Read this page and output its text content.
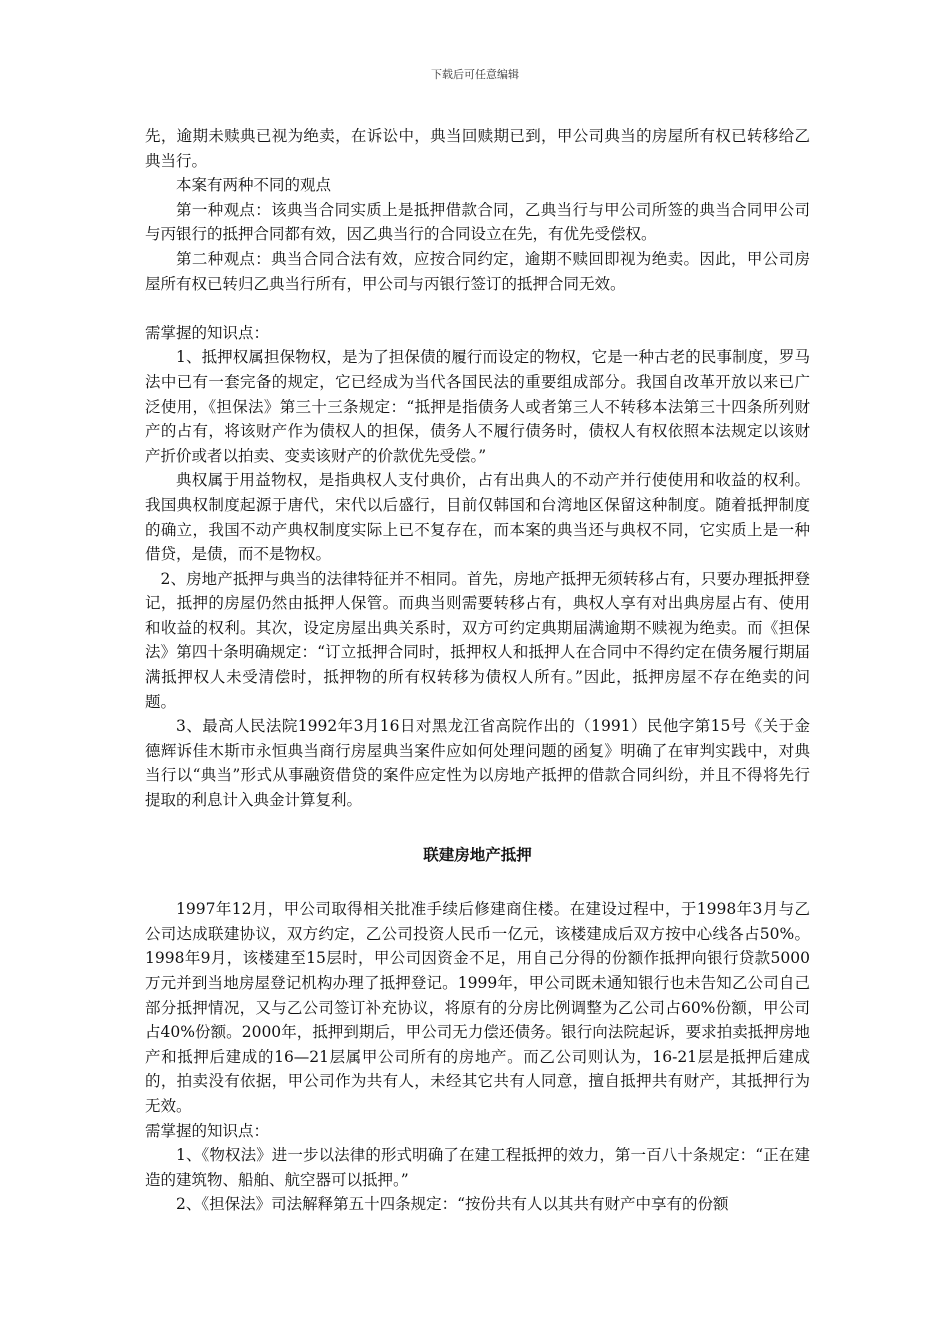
下载后可任意编辑

先，逾期未赎典已视为绝卖，在诉讼中，典当回赎期已到，甲公司典当的房屋所有权已转移给乙典当行。

本案有两种不同的观点

第一种观点：该典当合同实质上是抵押借款合同，乙典当行与甲公司所签的典当合同甲公司与丙银行的抵押合同都有效，因乙典当行的合同设立在先，有优先受偿权。

第二种观点：典当合同合法有效，应按合同约定，逾期不赎回即视为绝卖。因此，甲公司房屋所有权已转归乙典当行所有，甲公司与丙银行签订的抵押合同无效。

需掌握的知识点：

1、抵押权属担保物权，是为了担保债的履行而设定的物权，它是一种古老的民事制度，罗马法中已有一套完备的规定，它已经成为当代各国民法的重要组成部分。我国自改革开放以来已广泛使用，《担保法》第三十三条规定：“抵押是指债务人或者第三人不转移本法第三十四条所列财产的占有，将该财产作为债权人的担保，债务人不履行债务时，债权人有权依照本法规定以该财产折价或者以拍卖、变卖该财产的价款优先受偿。”

典权属于用益物权，是指典权人支付典价，占有出典人的不动产并行使使用和收益的权利。我国典权制度起源于唐代，宋代以后盛行，目前仅韩国和台湾地区保留这种制度。随着抵押制度的确立，我国不动产典权制度实际上已不复存在，而本案的典当还与典权不同，它实质上是一种借贷，是债，而不是物权。

2、房地产抵押与典当的法律特征并不相同。首先，房地产抵押无须转移占有，只要办理抵押登记，抵押的房屋仍然由抵押人保管。而典当则需要转移占有，典权人享有对出典房屋占有、使用和收益的权利。其次，设定房屋出典关系时，双方可约定典期届满逾期不赎视为绝卖。而《担保法》第四十条明确规定：“订立抵押合同时，抵押权人和抵押人在合同中不得约定在债务履行期届满抵押权人未受清偿时，抵押物的所有权转移为债权人所有。”因此，抵押房屋不存在绝卖的问题。

3、最高人民法院1992年3月16日对黑龙江省高院作出的（1991）民他字第15号《关于金德辉诉佳木斯市永恒典当商行房屋典当案件应如何处理问题的函复》明确了在审判实践中，对典当行以“典当”形式从事融资借贷的案件应定性为以房地产抵押的借款合同纠纷，并且不得将先行提取的利息计入典金计算复利。

联建房地产抵押

1997年12月，甲公司取得相关批准手续后修建商住楼。在建设过程中，于1998年3月与乙公司达成联建协议，双方约定，乙公司投资人民币一亿元，该楼建成后双方按中心线各占50%。1998年9月，该楼建至15层时，甲公司因资金不足，用自己分得的份额作抵押向银行贷款5000万元并到当地房屋登记机构办理了抵押登记。1999年，甲公司既未通知银行也未告知乙公司自己部分抵押情况，又与乙公司签订补充协议，将原有的分房比例调整为乙公司占60%份额，甲公司占40%份额。2000年，抵押到期后，甲公司无力偿还债务。银行向法院起诉，要求拍卖抵押房地产和抵押后建成的16—21层属甲公司所有的房地产。而乙公司则认为，16-21层是抵押后建成的，拍卖没有依据，甲公司作为共有人，未经其它共有人同意，擅自抵押共有财产，其抵押行为无效。

需掌握的知识点：

1、《物权法》进一步以法律的形式明确了在建工程抵押的效力，第一百八十条规定：“正在建造的建筑物、船舶、航空器可以抵押。”

2、《担保法》司法解释第五十四条规定：“按份共有人以其共有财产中享有的份额
